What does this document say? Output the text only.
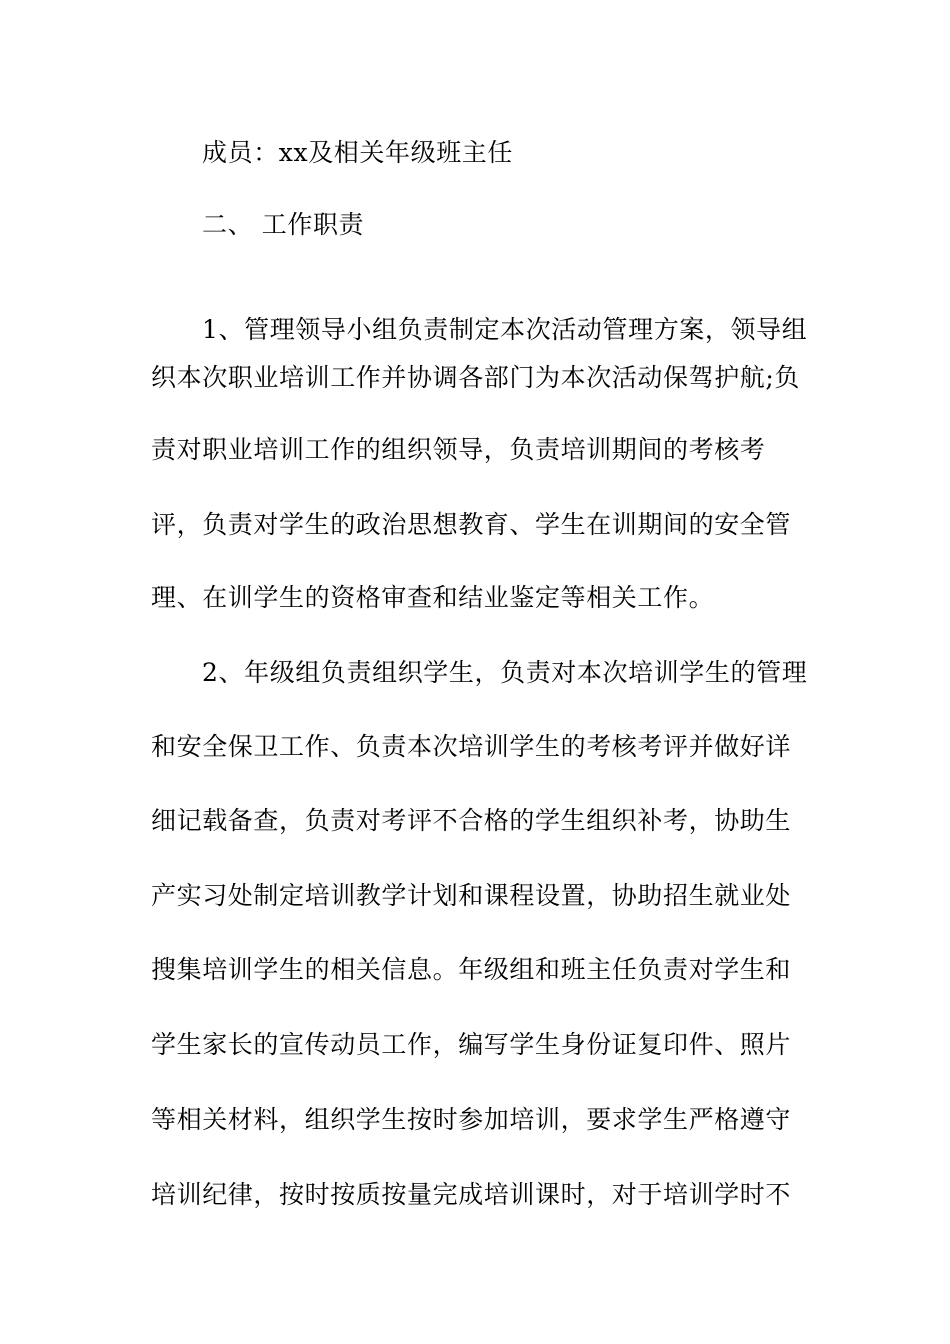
成员：xx及相关年级班主任
二、 工作职责
1、管理领导小组负责制定本次活动管理方案，领导组
织本次职业培训工作并协调各部门为本次活动保驾护航;负
责对职业培训工作的组织领导，负责培训期间的考核考
评，负责对学生的政治思想教育、学生在训期间的安全管
理、在训学生的资格审查和结业鉴定等相关工作。
2、年级组负责组织学生，负责对本次培训学生的管理
和安全保卫工作、负责本次培训学生的考核考评并做好详
细记载备查，负责对考评不合格的学生组织补考，协助生
产实习处制定培训教学计划和课程设置，协助招生就业处
搜集培训学生的相关信息。年级组和班主任负责对学生和
学生家长的宣传动员工作，编写学生身份证复印件、照片
等相关材料，组织学生按时参加培训，要求学生严格遵守
培训纪律，按时按质按量完成培训课时，对于培训学时不
